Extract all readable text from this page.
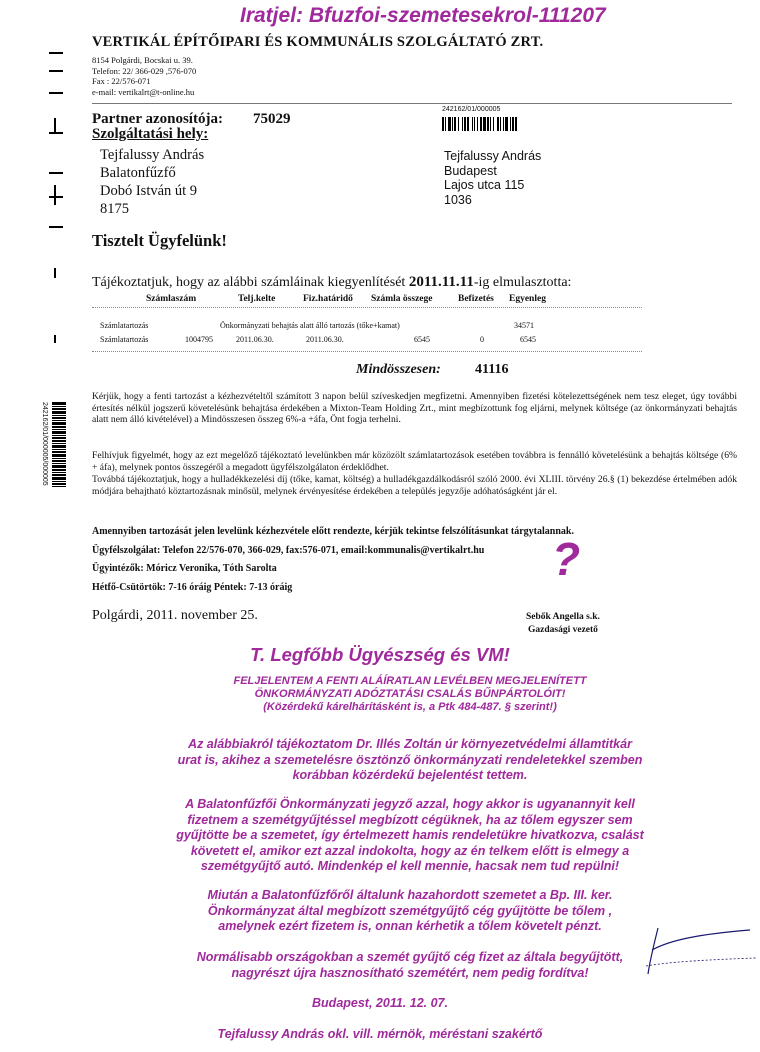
Iratjel: Bfuzfoi-szemetesekrol-111207
242162/01/000005/000005
VERTIKÁL ÉPÍTŐIPARI ÉS KOMMUNÁLIS SZOLGÁLTATÓ ZRT.
8154 Polgárdi, Bocskai u. 39.
Telefon: 22/ 366-029 ,576-070
Fax : 22/576-071
e-mail: vertikalrt@t-online.hu
242162/01/000005
Partner azonosítója: 75029
Szolgáltatási hely:
Tejfalussy András
Balatonfűzfő
Dobó István út 9
8175
Tejfalussy András
Budapest
Lajos utca 115
1036
Tisztelt Ügyfelünk!
Tájékoztatjuk, hogy az alábbi számláinak kiegyenlítését 2011.11.11-ig elmulasztotta:
Számlaszám	Telj.kelte	Fiz.határidő Számla összege	Befizetés Egyenleg
Számlatartozás	Önkormányzati behajtás alatt álló tartozás (tőke+kamat)	34571
Számlatartozás	1004795	2011.06.30.	2011.06.30.	6545	0	6545
Mindösszesen: 41116
Kérjük, hogy a fenti tartozást a kézhezvételtől számított 3 napon belül szíveskedjen megfizetni. Amennyiben fizetési kötelezettségének nem tesz eleget, úgy további értesítés nélkül jogszerű követelésünk behajtása érdekében a Mixton-Team Holding Zrt., mint megbízottunk fog eljárni, melynek költsége (az önkormányzati behajtás alatt nem álló kivételével) a Mindösszesen összeg 6%-a +áfa, Önt fogja terhelni.
Felhívjuk figyelmét, hogy az ezt megelőző tájékoztató levelünkben már közözölt számlatartozások esetében továbbra is fennálló követelésünk a behajtás költsége (6% + áfa), melynek pontos összegéről a megadott ügyfélszolgálaton érdeklődhet.
Továbbá tájékoztatjuk, hogy a hulladékkezelési díj (tőke, kamat, költség) a hulladékgazdálkodásról szóló 2000. évi XLIII. törvény 26.§ (1) bekezdése értelmében adók módjára behajtható köztartozásnak minősül, melynek érvényesítése érdekében a település jegyzője adóhatóságként jár el.
Amennyiben tartozását jelen levelünk kézhezvétele előtt rendezte, kérjük tekintse felszólításunkat tárgytalannak.
Ügyfélszolgálat: Telefon 22/576-070, 366-029, fax:576-071, email:kommunalis@vertikalrt.hu
Ügyintézők: Móricz Veronika, Tóth Sarolta
Hétfő-Csütörtök: 7-16 óráig Péntek: 7-13 óráig
?
Polgárdi, 2011. november 25.	Sebők Angella s.k.
Gazdasági vezető
T. Legfőbb Ügyészség és VM!
FELJELENTEM A FENTI ALÁÍRATLAN LEVÉLBEN MEGJELENÍTETT
ÖNKORMÁNYZATI ADÓZTATÁSI CSALÁS BŰNPÁRTOLÓIT!
(Közérdekű kárelhárításként is, a Ptk 484-487. § szerint!)
Az alábbiakról tájékoztatom Dr. Illés Zoltán úr környezetvédelmi államtitkár
urat is, akihez a szemetelésre ösztönző önkormányzati rendeletekkel szemben
korábban közérdekű bejelentést tettem.
A Balatonfűzfői Önkormányzati jegyző azzal, hogy akkor is ugyanannyit kell
fizetnem a szemétgyűjtéssel megbízott cégüknek, ha az tőlem egyszer sem
gyűjtötte be a szemetet, így értelmezett hamis rendeletükre hivatkozva, csalást
követett el, amikor ezt azzal indokolta, hogy az én telkem előtt is elmegy a
szemétgyűjtő autó. Mindenkép el kell mennie, hacsak nem tud repülni!
Miután a Balatonfűzfőről általunk hazahordott szemetet a Bp. III. ker.
Önkormányzat által megbízott szemétgyűjtő cég gyűjtötte be tőlem ,
amelynek ezért fizetem is, onnan kérhetik a tőlem követelt pénzt.
Normálisabb országokban a szemét gyűjtő cég fizet az általa begyűjtött,
nagyrészt újra hasznosítható szemétért, nem pedig fordítva!
Budapest, 2011. 12. 07.
Tejfalussy András okl. vill. mérnök, méréstani szakértő
